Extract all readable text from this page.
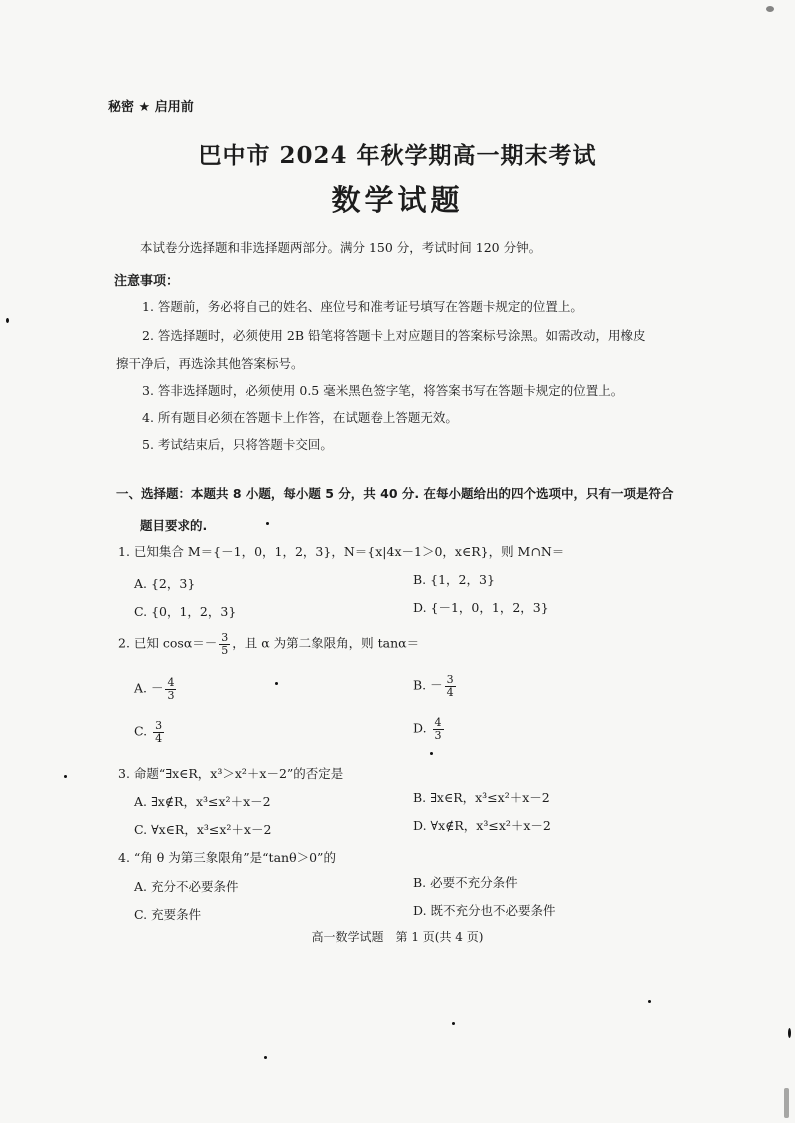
秘密 ★ 启用前
巴中市 2024 年秋学期高一期末考试
数学试题
本试卷分选择题和非选择题两部分。满分 150 分，考试时间 120 分钟。
注意事项：
1. 答题前，务必将自己的姓名、座位号和准考证号填写在答题卡规定的位置上。
2. 答选择题时，必须使用 2B 铅笔将答题卡上对应题目的答案标号涂黑。如需改动，用橡皮
擦干净后，再选涂其他答案标号。
3. 答非选择题时，必须使用 0.5 毫米黑色签字笔，将答案书写在答题卡规定的位置上。
4. 所有题目必须在答题卡上作答，在试题卷上答题无效。
5. 考试结束后，只将答题卡交回。
一、选择题：本题共 8 小题，每小题 5 分，共 40 分. 在每小题给出的四个选项中，只有一项是符合
题目要求的.
1. 已知集合 M＝{－1，0，1，2，3}，N＝{x|4x－1＞0，x∈R}，则 M∩N＝
A. {2，3}	B. {1，2，3}
C. {0，1，2，3}	D. {－1，0，1，2，3}
2. 已知 $\cos\alpha=- \frac{3}{5}$ ，且 α 为第二象限角，则 tanα＝
A. － $\frac{4}{3}$	B. － $\frac{3}{4}$
C. $\frac{3}{4}$	D. $\frac{4}{3}$
3. 命题“∃x∈R，x³＞x²＋x－2”的否定是
A. ∃x∉R，x³≤x²＋x－2	B. ∃x∈R，x³≤x²＋x－2
C. ∀x∈R，x³≤x²＋x－2	D. ∀x∉R，x³≤x²＋x－2
4. “角 θ 为第三象限角”是“tanθ＞0”的
A. 充分不必要条件	B. 必要不充分条件
C. 充要条件	D. 既不充分也不必要条件
高一数学试题　第 1 页(共 4 页)
